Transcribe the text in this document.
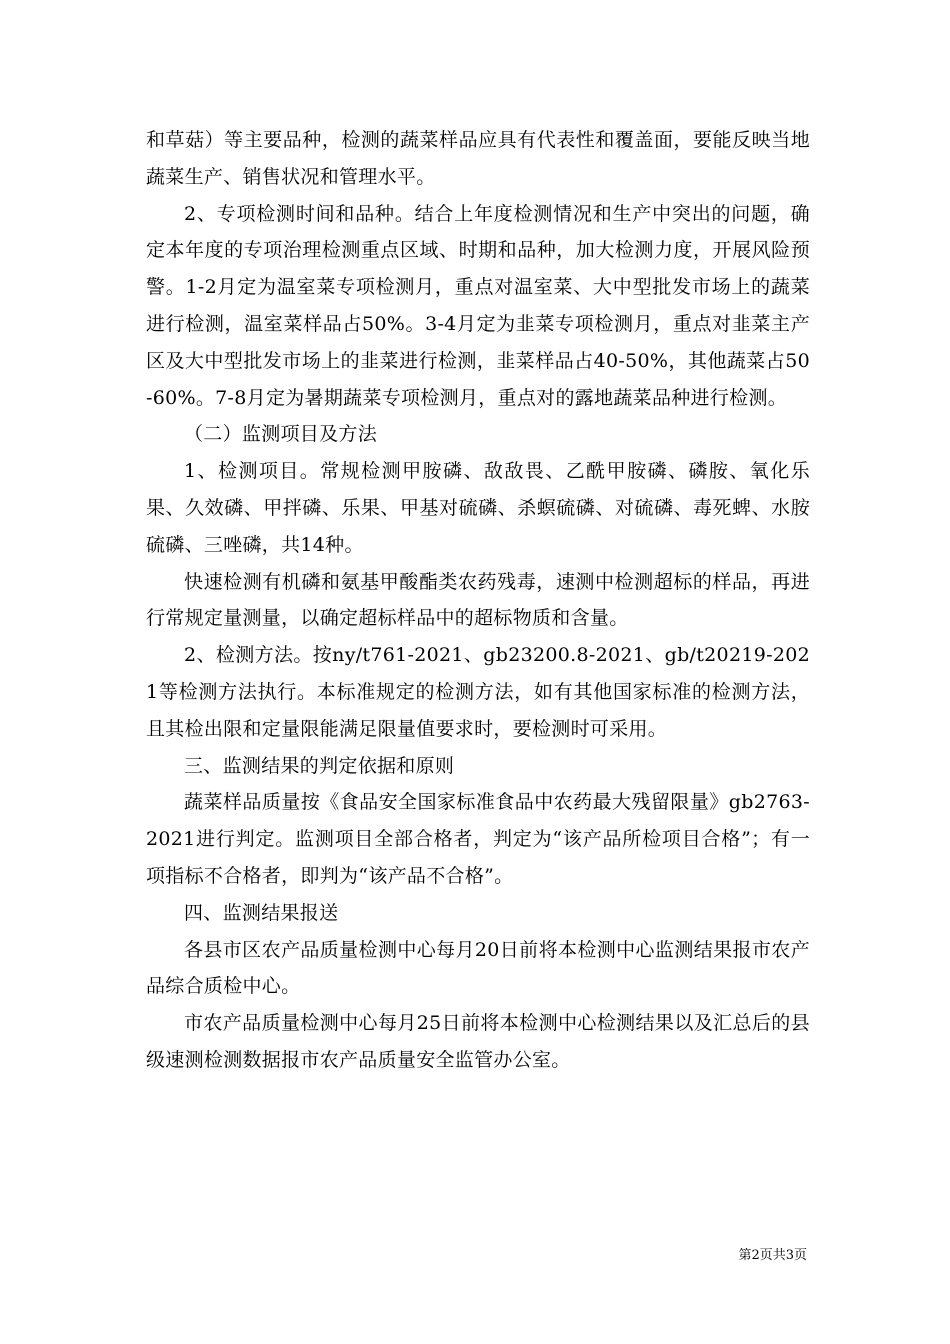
和草菇）等主要品种，检测的蔬菜样品应具有代表性和覆盖面，要能反映当地蔬菜生产、销售状况和管理水平。

2、专项检测时间和品种。结合上年度检测情况和生产中突出的问题，确定本年度的专项治理检测重点区域、时期和品种，加大检测力度，开展风险预警。1-2月定为温室菜专项检测月，重点对温室菜、大中型批发市场上的蔬菜进行检测，温室菜样品占50%。3-4月定为韭菜专项检测月，重点对韭菜主产区及大中型批发市场上的韭菜进行检测，韭菜样品占40-50%，其他蔬菜占50-60%。7-8月定为暑期蔬菜专项检测月，重点对的露地蔬菜品种进行检测。

（二）监测项目及方法

1、检测项目。常规检测甲胺磷、敌敌畏、乙酰甲胺磷、磷胺、氧化乐果、久效磷、甲拌磷、乐果、甲基对硫磷、杀螟硫磷、对硫磷、毒死蜱、水胺硫磷、三唑磷，共14种。

快速检测有机磷和氨基甲酸酯类农药残毒，速测中检测超标的样品，再进行常规定量测量，以确定超标样品中的超标物质和含量。

2、检测方法。按ny/t761-2021、gb23200.8-2021、gb/t20219-2021等检测方法执行。本标准规定的检测方法，如有其他国家标准的检测方法，且其检出限和定量限能满足限量值要求时，要检测时可采用。

三、监测结果的判定依据和原则

蔬菜样品质量按《食品安全国家标准食品中农药最大残留限量》gb2763-2021进行判定。监测项目全部合格者，判定为“该产品所检项目合格”；有一项指标不合格者，即判为“该产品不合格”。

四、监测结果报送

各县市区农产品质量检测中心每月20日前将本检测中心监测结果报市农产品综合质检中心。

市农产品质量检测中心每月25日前将本检测中心检测结果以及汇总后的县级速测检测数据报市农产品质量安全监管办公室。

第2页共3页
